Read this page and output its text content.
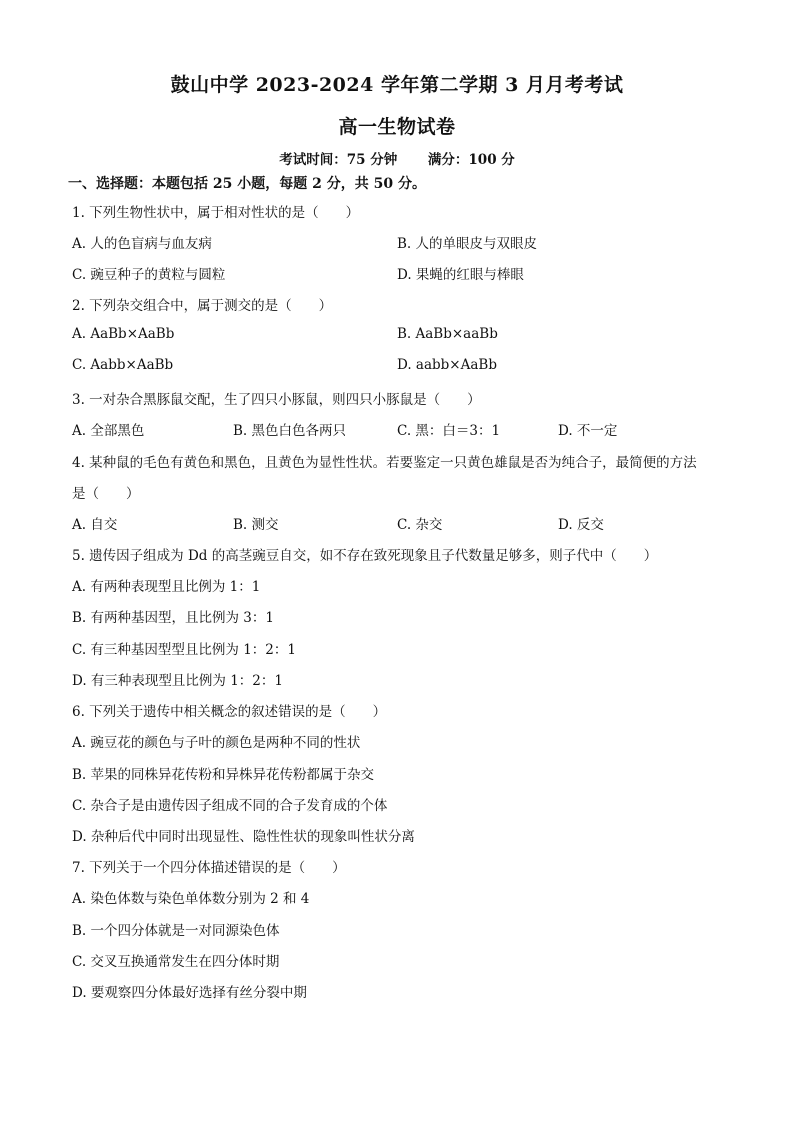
鼓山中学 2023-2024 学年第二学期 3 月月考考试
高一生物试卷
考试时间：75 分钟 满分：100 分
一、选择题：本题包括 25 小题，每题 2 分，共 50 分。
1. 下列生物性状中，属于相对性状的是（　　）
A. 人的色盲病与血友病	B. 人的单眼皮与双眼皮
C. 豌豆种子的黄粒与圆粒	D. 果蝇的红眼与棒眼
2. 下列杂交组合中，属于测交的是（　　）
A. AaBb×AaBb	B. AaBb×aaBb
C. Aabb×AaBb	D. aabb×AaBb
3. 一对杂合黑豚鼠交配，生了四只小豚鼠，则四只小豚鼠是（　　）
A. 全部黑色	B. 黑色白色各两只	C. 黑：白＝3：1	D. 不一定
4. 某种鼠的毛色有黄色和黑色，且黄色为显性性状。若要鉴定一只黄色雄鼠是否为纯合子，最简便的方法
是（　　）
A. 自交	B. 测交	C. 杂交	D. 反交
5. 遗传因子组成为 Dd 的高茎豌豆自交，如不存在致死现象且子代数量足够多，则子代中（　　）
A. 有两种表现型且比例为 1：1
B. 有两种基因型，且比例为 3：1
C. 有三种基因型型且比例为 1：2：1
D. 有三种表现型且比例为 1：2：1
6. 下列关于遗传中相关概念的叙述错误的是（　　）
A. 豌豆花的颜色与子叶的颜色是两种不同的性状
B. 苹果的同株异花传粉和异株异花传粉都属于杂交
C. 杂合子是由遗传因子组成不同的合子发育成的个体
D. 杂种后代中同时出现显性、隐性性状的现象叫性状分离
7. 下列关于一个四分体描述错误的是（　　）
A. 染色体数与染色单体数分别为 2 和 4
B. 一个四分体就是一对同源染色体
C. 交叉互换通常发生在四分体时期
D. 要观察四分体最好选择有丝分裂中期
